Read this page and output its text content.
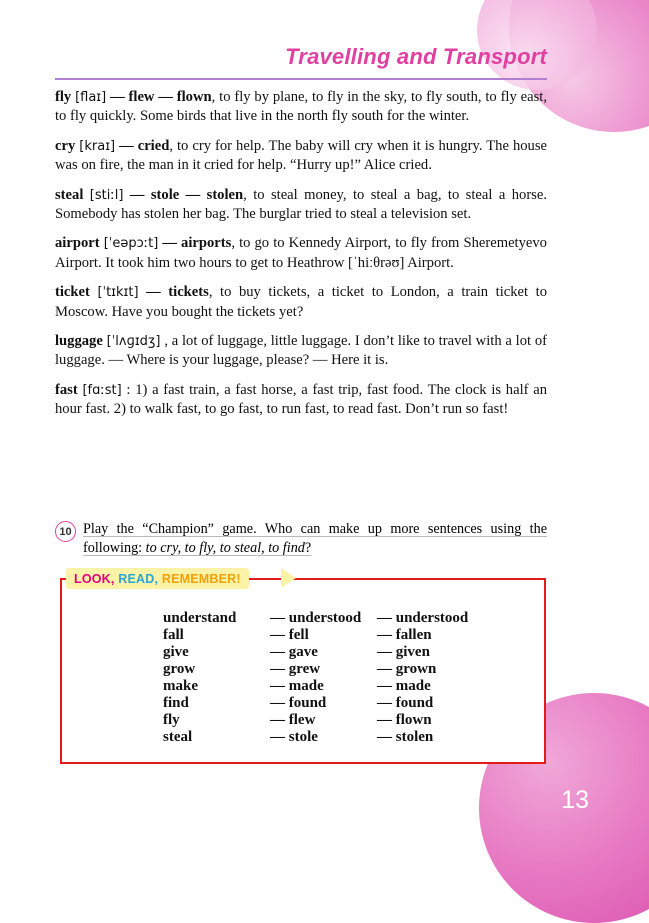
13
Travelling and Transport
fly [flaɪ] — flew — flown, to fly by plane, to fly in the sky, to fly south, to fly east, to fly quickly. Some birds that live in the north fly south for the winter.
cry [kraɪ] — cried, to cry for help. The baby will cry when it is hungry. The house was on fire, the man in it cried for help. “Hurry up!” Alice cried.
steal [stiːl] — stole — stolen, to steal money, to steal a bag, to steal a horse. Somebody has stolen her bag. The burglar tried to steal a television set.
airport [ˈeəpɔːt] — airports, to go to Kennedy Airport, to fly from Sheremetyevo Airport. It took him two hours to get to Heathrow [ˈhiːθrəʊ] Airport.
ticket [ˈtɪkɪt] — tickets, to buy tickets, a ticket to London, a train ticket to Moscow. Have you bought the tickets yet?
luggage [ˈlʌɡɪdʒ] , a lot of luggage, little luggage. I don’t like to travel with a lot of luggage. — Where is your luggage, please? — Here it is.
fast [fɑːst] : 1) a fast train, a fast horse, a fast trip, fast food. The clock is half an hour fast. 2) to walk fast, to go fast, to run fast, to read fast. Don’t run so fast!
10 Play the “Champion” game. Who can make up more sentences using the following: to cry, to fly, to steal, to find?
LOOK,
READ,
REMEMBER!
understand	— understood	— understood
fall	— fell	— fallen
give	— gave	— given
grow	— grew	— grown
make	— made	— made
find	— found	— found
fly	— flew	— flown
steal	— stole	— stolen
